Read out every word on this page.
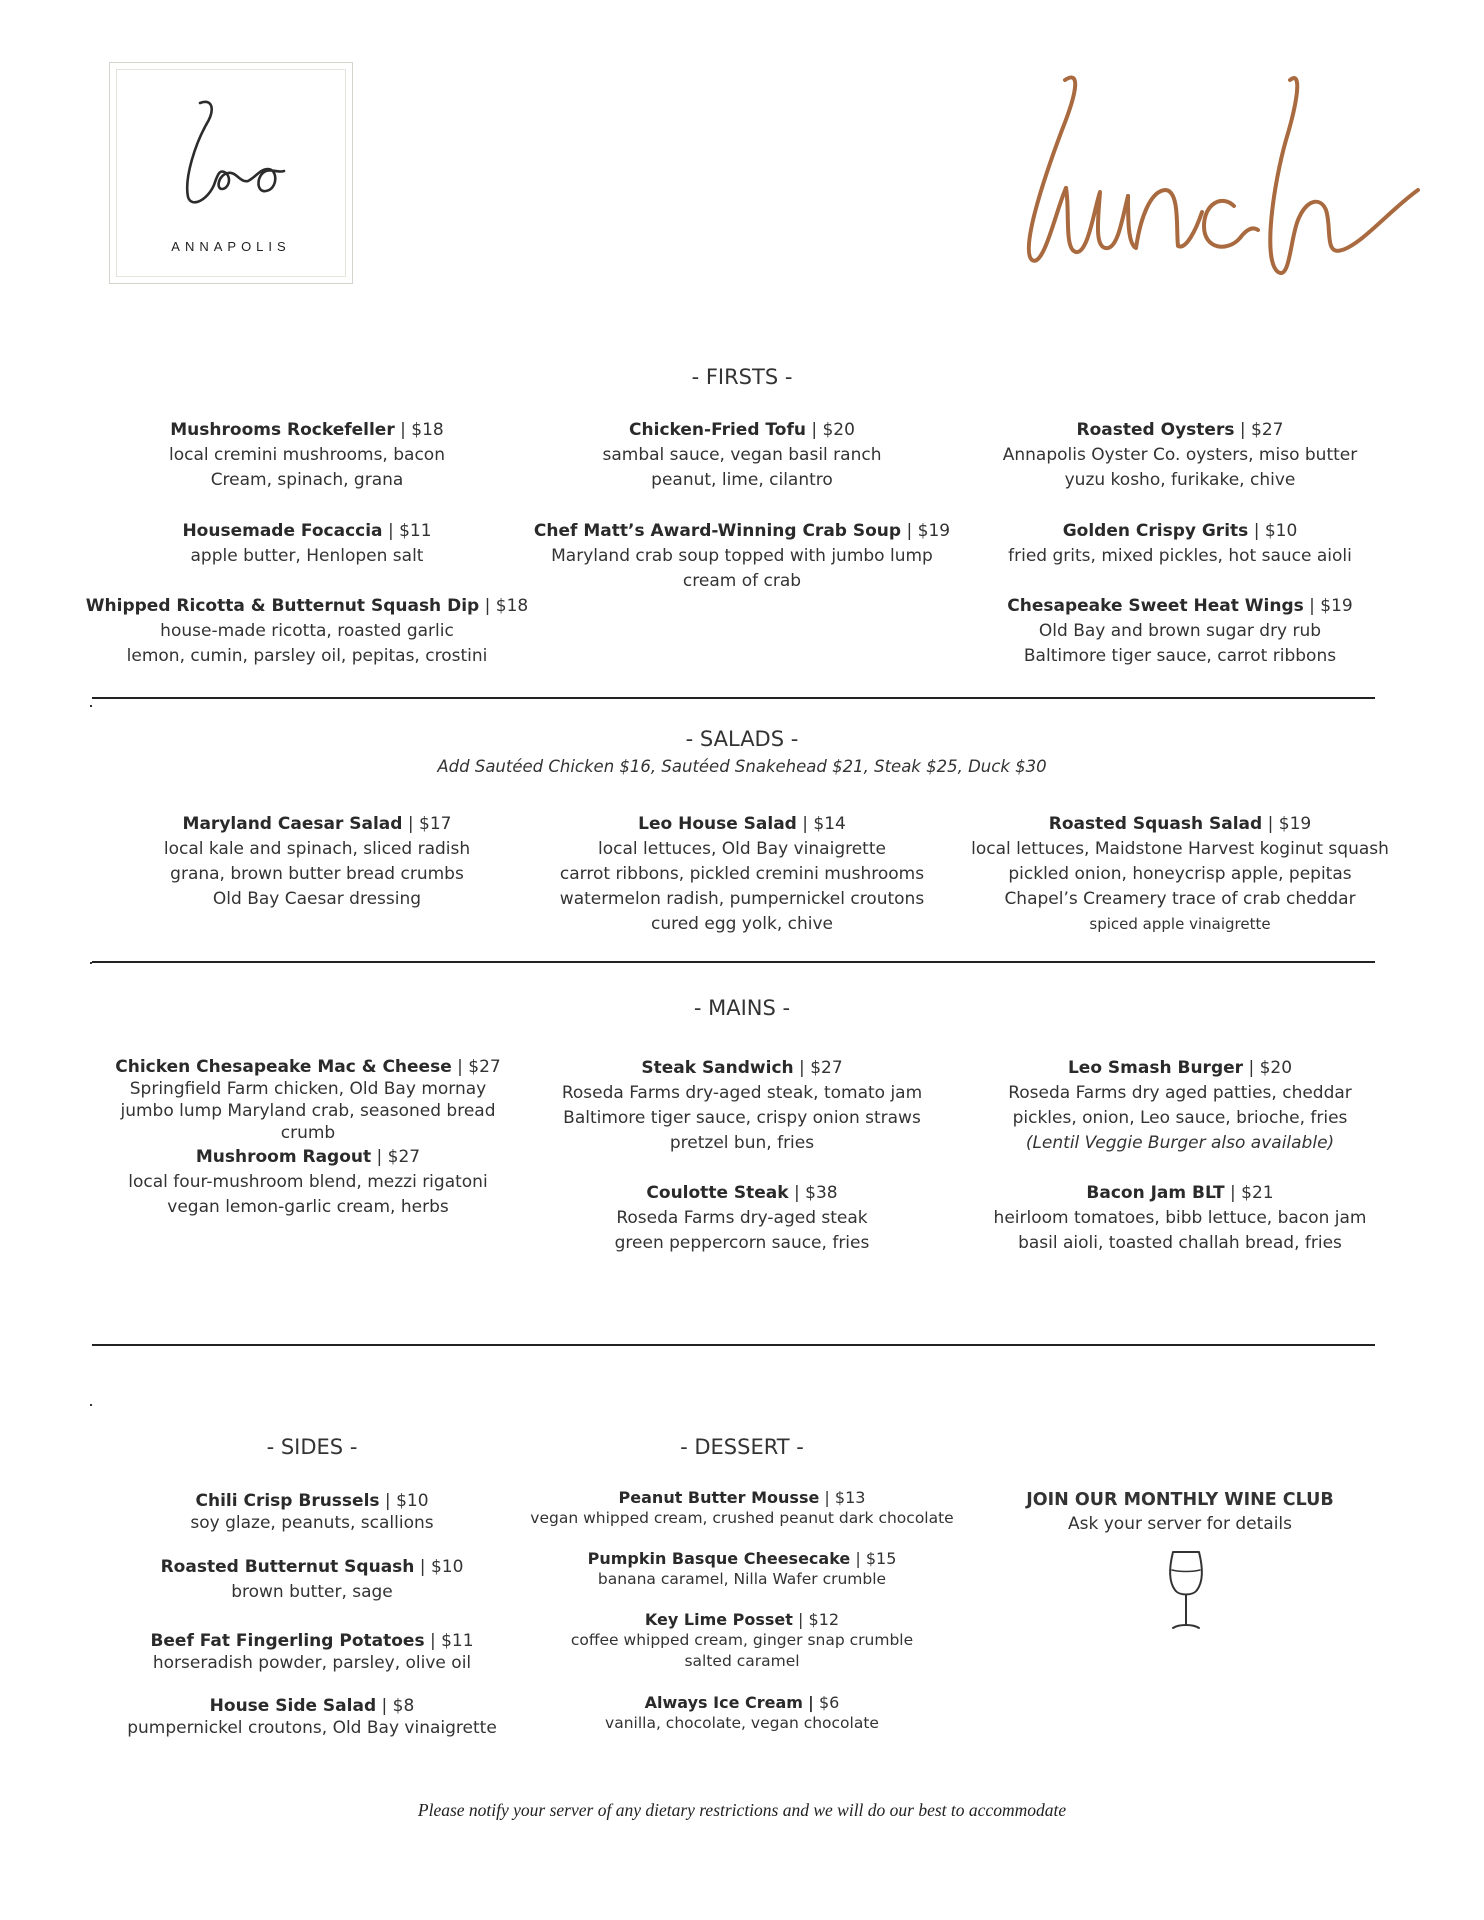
leo
ANNAPOLIS
lunch
- FIRSTS -
Mushrooms Rockefeller | $18
local cremini mushrooms, bacon
Cream, spinach, grana
Housemade Focaccia | $11
apple butter, Henlopen salt
Whipped Ricotta & Butternut Squash Dip | $18
house-made ricotta, roasted garlic
lemon, cumin, parsley oil, pepitas, crostini
Chicken-Fried Tofu | $20
sambal sauce, vegan basil ranch
peanut, lime, cilantro
Chef Matt’s Award-Winning Crab Soup | $19
Maryland crab soup topped with jumbo lump
cream of crab
Roasted Oysters | $27
Annapolis Oyster Co. oysters, miso butter
yuzu kosho, furikake, chive
Golden Crispy Grits | $10
fried grits, mixed pickles, hot sauce aioli
Chesapeake Sweet Heat Wings | $19
Old Bay and brown sugar dry rub
Baltimore tiger sauce, carrot ribbons
- SALADS -
Add Sautéed Chicken $16, Sautéed Snakehead $21, Steak $25, Duck $30
Maryland Caesar Salad | $17
local kale and spinach, sliced radish
grana, brown butter bread crumbs
Old Bay Caesar dressing
Leo House Salad | $14
local lettuces, Old Bay vinaigrette
carrot ribbons, pickled cremini mushrooms
watermelon radish, pumpernickel croutons
cured egg yolk, chive
Roasted Squash Salad | $19
local lettuces, Maidstone Harvest koginut squash
pickled onion, honeycrisp apple, pepitas
Chapel’s Creamery trace of crab cheddar
spiced apple vinaigrette
- MAINS -
Chicken Chesapeake Mac & Cheese | $27
Springfield Farm chicken, Old Bay mornay
jumbo lump Maryland crab, seasoned bread crumb
Mushroom Ragout | $27
local four-mushroom blend, mezzi rigatoni
vegan lemon-garlic cream, herbs
Steak Sandwich | $27
Roseda Farms dry-aged steak, tomato jam
Baltimore tiger sauce, crispy onion straws
pretzel bun, fries
Coulotte Steak | $38
Roseda Farms dry-aged steak
green peppercorn sauce, fries
Leo Smash Burger | $20
Roseda Farms dry aged patties, cheddar
pickles, onion, Leo sauce, brioche, fries
(Lentil Veggie Burger also available)
Bacon Jam BLT | $21
heirloom tomatoes, bibb lettuce, bacon jam
basil aioli, toasted challah bread, fries
- SIDES -
Chili Crisp Brussels | $10
soy glaze, peanuts, scallions
Roasted Butternut Squash | $10
brown butter, sage
Beef Fat Fingerling Potatoes | $11
horseradish powder, parsley, olive oil
House Side Salad | $8
pumpernickel croutons, Old Bay vinaigrette
- DESSERT -
Peanut Butter Mousse | $13
vegan whipped cream, crushed peanut dark chocolate
Pumpkin Basque Cheesecake | $15
banana caramel, Nilla Wafer crumble
Key Lime Posset | $12
coffee whipped cream, ginger snap crumble
salted caramel
Always Ice Cream | $6
vanilla, chocolate, vegan chocolate
JOIN OUR MONTHLY WINE CLUB
Ask your server for details
Please notify your server of any dietary restrictions and we will do our best to accommodate
